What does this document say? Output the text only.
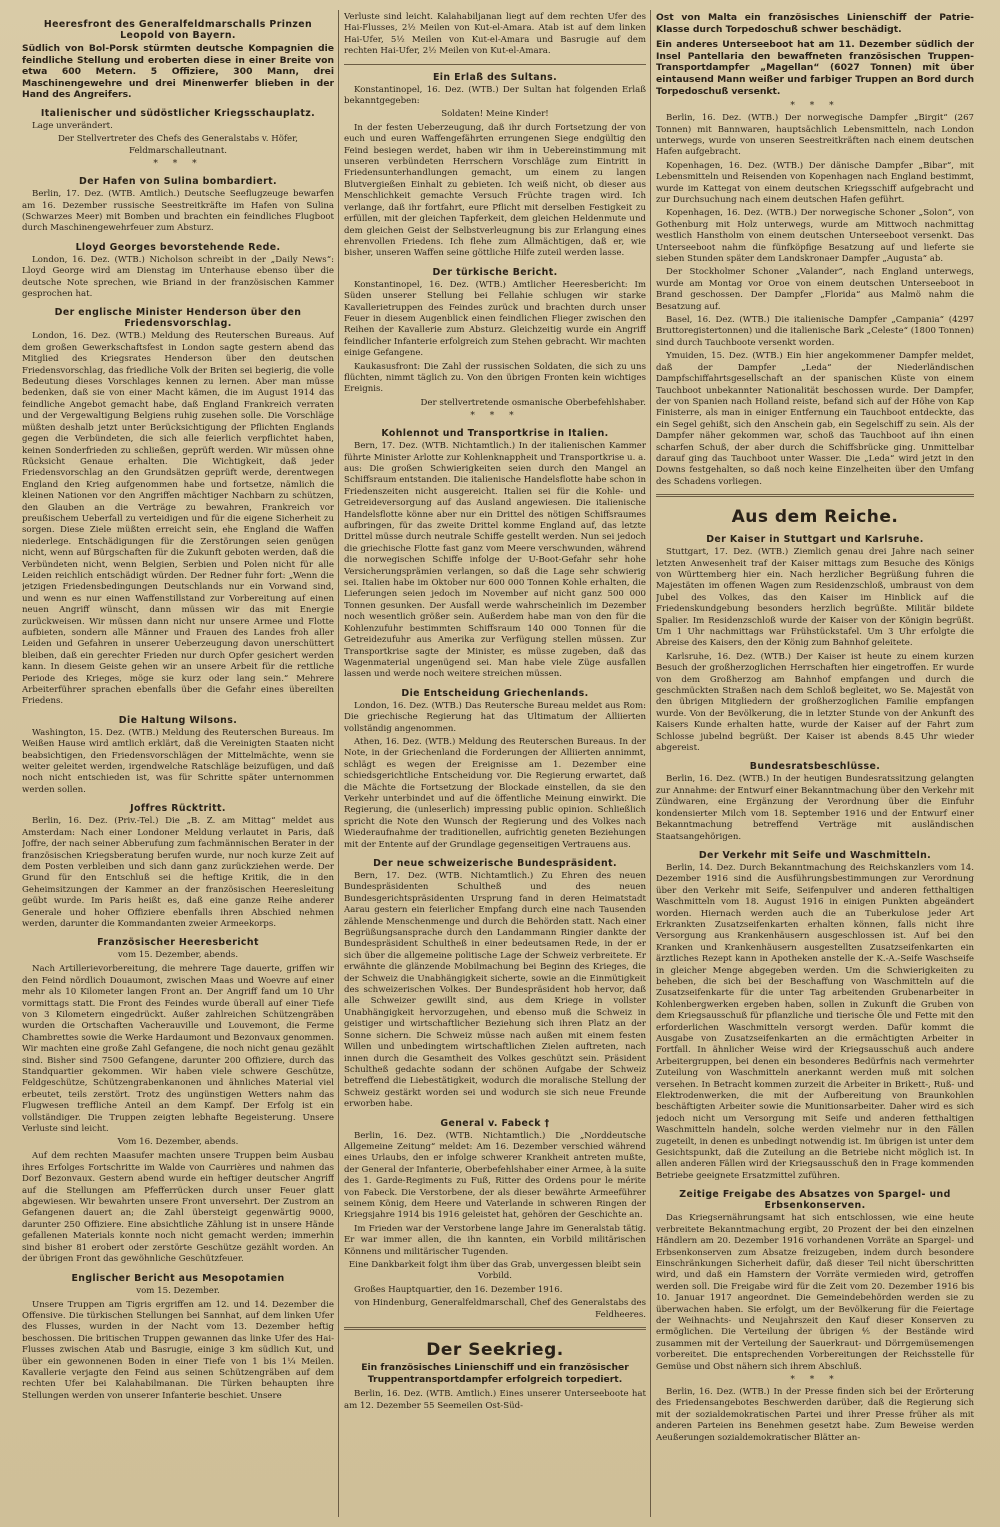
Heeresfront des Generalfeldmarschalls Prinzen Leopold von Bayern.
Südlich von Bol-Porsk stürmten deutsche Kompagnien die feindliche Stellung und eroberten diese in einer Breite von etwa 600 Metern. 5 Offiziere, 300 Mann, drei Maschinengewehre und drei Minenwerfer blieben in der Hand des Angreifers.
Italienischer und südöstlicher Kriegsschauplatz.

Lage unverändert.

Der Stellvertreter des Chefs des Generalstabs v. Höfer, Feldmarschalleutnant.

* * *
Der Hafen von Sulina bombardiert.

Berlin, 17. Dez. (WTB. Amtlich.) Deutsche Seeflugzeuge bewarfen am 16. Dezember russische Seestreitkräfte im Hafen von Sulina (Schwarzes Meer) mit Bomben und brachten ein feindliches Flugboot durch Maschinengewehrfeuer zum Absturz.

Lloyd Georges bevorstehende Rede.

London, 16. Dez. (WTB.) Nicholson schreibt in der „Daily News“: Lloyd George wird am Dienstag im Unterhause ebenso über die deutsche Note sprechen, wie Briand in der französischen Kammer gesprochen hat.

Der englische Minister Henderson über den Friedensvorschlag.

London, 16. Dez. (WTB.) Meldung des Reuterschen Bureaus. Auf dem großen Gewerkschaftsfest in London sagte gestern abend das Mitglied des Kriegsrates Henderson über den deutschen Friedensvorschlag, das friedliche Volk der Briten sei begierig, die volle Bedeutung dieses Vorschlages kennen zu lernen. Aber man müsse bedenken, daß sie von einer Macht kämen, die im August 1914 das feindliche Angebot gemacht habe, daß England Frankreich verraten und der Vergewaltigung Belgiens ruhig zusehen solle. Die Vorschläge müßten deshalb jetzt unter Berücksichtigung der Pflichten Englands gegen die Verbündeten, die sich alle feierlich verpflichtet haben, keinen Sonderfrieden zu schließen, geprüft werden. Wir müssen ohne Rücksicht Genaue erhalten. Die Wichtigkeit, daß jeder Friedensvorschlag an den Grundsätzen geprüft werde, derentwegen England den Krieg aufgenommen habe und fortsetze, nämlich die kleinen Nationen vor den Angriffen mächtiger Nachbarn zu schützen, den Glauben an die Verträge zu bewahren, Frankreich vor preußischem Ueberfall zu verteidigen und für die eigene Sicherheit zu sorgen. Diese Ziele müßten erreicht sein, ehe England die Waffen niederlege. Entschädigungen für die Zerstörungen seien genügen nicht, wenn auf Bürgschaften für die Zukunft geboten werden, daß die Verbündeten nicht, wenn Belgien, Serbien und Polen nicht für alle Leiden reichlich entschädigt würden. Der Redner fuhr fort: „Wenn die jetzigen Friedensbedingungen Deutschlands nur ein Vorwand sind, und wenn es nur einen Waffenstillstand zur Vorbereitung auf einen neuen Angriff wünscht, dann müssen wir das mit Energie zurückweisen. Wir müssen dann nicht nur unsere Armee und Flotte aufbieten, sondern alle Männer und Frauen des Landes froh aller Leiden und Gefahren in unserer Ueberzeugung davon unerschüttert bleiben, daß ein gerechter Frieden nur durch Opfer gesichert werden kann. In diesem Geiste gehen wir an unsere Arbeit für die rettliche Periode des Krieges, möge sie kurz oder lang sein.“ Mehrere Arbeiterführer sprachen ebenfalls über die Gefahr eines übereilten Friedens.

Die Haltung Wilsons.

Washington, 15. Dez. (WTB.) Meldung des Reuterschen Bureaus. Im Weißen Hause wird amtlich erklärt, daß die Vereinigten Staaten nicht beabsichtigen, den Friedensvorschlägen der Mittelmächte, wenn sie weiter geleitet werden, irgendwelche Ratschläge beizufügen, und daß noch nicht entschieden ist, was für Schritte später unternommen werden sollen.

Joffres Rücktritt.

Berlin, 16. Dez. (Priv.-Tel.) Die „B. Z. am Mittag“ meldet aus Amsterdam: Nach einer Londoner Meldung verlautet in Paris, daß Joffre, der nach seiner Abberufung zum fachmännischen Berater in der französischen Kriegsberatung berufen wurde, nur noch kurze Zeit auf dem Posten verbleiben und sich dann ganz zurückziehen werde. Der Grund für den Entschluß sei die heftige Kritik, die in den Geheimsitzungen der Kammer an der französischen Heeresleitung geübt wurde. Im Paris heißt es, daß eine ganze Reihe anderer Generale und hoher Offiziere ebenfalls ihren Abschied nehmen werden, darunter die Kommandanten zweier Armeekorps.

Französischer Heeresbericht
vom 15. Dezember, abends.

Nach Artillerievorbereitung, die mehrere Tage dauerte, griffen wir den Feind nördlich Douaumont, zwischen Maas und Woevre auf einer mehr als 10 Kilometer langen Front an. Der Angriff fand um 10 Uhr vormittags statt. Die Front des Feindes wurde überall auf einer Tiefe von 3 Kilometern eingedrückt. Außer zahlreichen Schützengräben wurden die Ortschaften Vacherauville und Louvemont, die Ferme Chambrettes sowie die Werke Hardaumont und Bezonvaux genommen. Wir machten eine große Zahl Gefangene, die noch nicht genau gezählt sind. Bisher sind 7500 Gefangene, darunter 200 Offiziere, durch das Standquartier gekommen. Wir haben viele schwere Geschütze, Feldgeschütze, Schützengrabenkanonen und ähnliches Material viel erbeutet, teils zerstört. Trotz des ungünstigen Wetters nahm das Flugwesen treffliche Anteil an dem Kampf. Der Erfolg ist ein vollständiger. Die Truppen zeigten lebhafte Begeisterung. Unsere Verluste sind leicht.

Vom 16. Dezember, abends.

Auf dem rechten Maasufer machten unsere Truppen beim Ausbau ihres Erfolges Fortschritte im Walde von Caurrières und nahmen das Dorf Bezonvaux. Gestern abend wurde ein heftiger deutscher Angriff auf die Stellungen am Pfefferrücken durch unser Feuer glatt abgewiesen. Wir bewahrten unsere Front unversehrt. Der Zustrom an Gefangenen dauert an; die Zahl übersteigt gegenwärtig 9000, darunter 250 Offiziere. Eine absichtliche Zählung ist in unsere Hände gefallenen Materials konnte noch nicht gemacht werden; immerhin sind bisher 81 erobert oder zerstörte Geschütze gezählt worden. An der übrigen Front das gewöhnliche Geschützfeuer.

Englischer Bericht aus Mesopotamien
vom 15. Dezember.

Unsere Truppen am Tigris ergriffen am 12. und 14. Dezember die Offensive. Die türkischen Stellungen bei Sannhat, auf dem linken Ufer des Flusses, wurden in der Nacht vom 13. Dezember heftig beschossen. Die britischen Truppen gewannen das linke Ufer des Hai-Flusses zwischen Atab und Basrugie, einige 3 km südlich Kut, und über ein gewonnenen Boden in einer Tiefe von 1 bis 1¼ Meilen. Kavallerie verjagte den Feind aus seinen Schützengräben auf dem rechten Ufer bei Kalahabilmanan. Die Türken behaupten ihre Stellungen werden von unserer Infanterie beschiet. Unsere

Verluste sind leicht. Kalahabiljanan liegt auf dem rechten Ufer des Hai-Flusses, 2½ Meilen von Kut-el-Amara. Atab ist auf dem linken Hai-Ufer, 5½ Meilen von Kut-el-Amara und Basrugie auf dem rechten Hai-Ufer, 2½ Meilen von Kut-el-Amara.

Ein Erlaß des Sultans.

Konstantinopel, 16. Dez. (WTB.) Der Sultan hat folgenden Erlaß bekanntgegeben:

Soldaten! Meine Kinder!

In der festen Ueberzeugung, daß ihr durch Fortsetzung der von euch und euren Waffengefährten errungenen Siege endgültig den Feind besiegen werdet, haben wir ihm in Uebereinstimmung mit unseren verbündeten Herrschern Vorschläge zum Eintritt in Friedensunterhandlungen gemacht, um einem zu langen Blutvergießen Einhalt zu gebieten. Ich weiß nicht, ob dieser aus Menschlichkeit gemachte Versuch Früchte tragen wird. Ich verlange, daß ihr fortfahrt, eure Pflicht mit derselben Festigkeit zu erfüllen, mit der gleichen Tapferkeit, dem gleichen Heldenmute und dem gleichen Geist der Selbstverleugnung bis zur Erlangung eines ehrenvollen Friedens. Ich flehe zum Allmächtigen, daß er, wie bisher, unseren Waffen seine göttliche Hilfe zuteil werden lasse.

Der türkische Bericht.

Konstantinopel, 16. Dez. (WTB.) Amtlicher Heeresbericht: Im Süden unserer Stellung bei Fellahie schlugen wir starke Kavallerietruppen des Feindes zurück und brachten durch unser Feuer in diesem Augenblick einen feindlichen Flieger zwischen den Reihen der Kavallerie zum Absturz. Gleichzeitig wurde ein Angriff feindlicher Infanterie erfolgreich zum Stehen gebracht. Wir machten einige Gefangene.

Kaukasusfront: Die Zahl der russischen Soldaten, die sich zu uns flüchten, nimmt täglich zu. Von den übrigen Fronten kein wichtiges Ereignis.

Der stellvertretende osmanische Oberbefehlshaber.

* * *
Kohlennot und Transportkrise in Italien.

Bern, 17. Dez. (WTB. Nichtamtlich.) In der italienischen Kammer führte Minister Arlotte zur Kohlenknappheit und Transportkrise u. a. aus: Die großen Schwierigkeiten seien durch den Mangel an Schiffsraum entstanden. Die italienische Handelsflotte habe schon in Friedenszeiten nicht ausgereicht. Italien sei für die Kohle- und Getreideversorgung auf das Ausland angewiesen. Die italienische Handelsflotte könne aber nur ein Drittel des nötigen Schiffsraumes aufbringen, für das zweite Drittel komme England auf, das letzte Drittel müsse durch neutrale Schiffe gestellt werden. Nun sei jedoch die griechische Flotte fast ganz vom Meere verschwunden, während die norwegischen Schiffe infolge der U-Boot-Gefahr sehr hohe Versicherungsprämien verlangen, so daß die Lage sehr schwierig sei. Italien habe im Oktober nur 600 000 Tonnen Kohle erhalten, die Lieferungen seien jedoch im November auf nicht ganz 500 000 Tonnen gesunken. Der Ausfall werde wahrscheinlich im Dezember noch wesentlich größer sein. Außerdem habe man von den für die Kohlenzufuhr bestimmten Schiffsraum 140 000 Tonnen für die Getreidezufuhr aus Amerika zur Verfügung stellen müssen. Zur Transportkrise sagte der Minister, es müsse zugeben, daß das Wagenmaterial ungenügend sei. Man habe viele Züge ausfallen lassen und werde noch weitere streichen müssen.

Die Entscheidung Griechenlands.

London, 16. Dez. (WTB.) Das Reutersche Bureau meldet aus Rom: Die griechische Regierung hat das Ultimatum der Alliierten vollständig angenommen.

Athen, 16. Dez. (WTB.) Meldung des Reuterschen Bureaus. In der Note, in der Griechenland die Forderungen der Alliierten annimmt, schlägt es wegen der Ereignisse am 1. Dezember eine schiedsgerichtliche Entscheidung vor. Die Regierung erwartet, daß die Mächte die Fortsetzung der Blockade einstellen, da sie den Verkehr unterbindet und auf die öffentliche Meinung einwirkt. Die Regierung, die (unleserlich) impressing public opinion. Schließlich spricht die Note den Wunsch der Regierung und des Volkes nach Wiederaufnahme der traditionellen, aufrichtig geneten Beziehungen mit der Entente auf der Grundlage gegenseitigen Vertrauens aus.

Der neue schweizerische Bundespräsident.

Bern, 17. Dez. (WTB. Nichtamtlich.) Zu Ehren des neuen Bundespräsidenten Schultheß und des neuen Bundesgerichtspräsidenten Ursprung fand in deren Heimatstadt Aarau gestern ein feierlicher Empfang durch eine nach Tausenden zählende Menschenmenge und durch die Behörden statt. Nach einer Begrüßungsansprache durch den Landammann Ringier dankte der Bundespräsident Schultheß in einer bedeutsamen Rede, in der er sich über die allgemeine politische Lage der Schweiz verbreitete. Er erwähnte die glänzende Mobilmachung bei Beginn des Krieges, die der Schweiz die Unabhängigkeit sicherte, sowie an die Einmütigkeit des schweizerischen Volkes. Der Bundespräsident hob hervor, daß alle Schweizer gewillt sind, aus dem Kriege in vollster Unabhängigkeit hervorzugehen, und ebenso muß die Schweiz in geistiger und wirtschaftlicher Beziehung sich ihren Platz an der Sonne sichern. Die Schweiz müsse nach außen mit einem festen Willen und unbedingtem wirtschaftlichen Zielen auftreten, nach innen durch die Gesamtheit des Volkes geschützt sein. Präsident Schultheß gedachte sodann der schönen Aufgabe der Schweiz betreffend die Liebestätigkeit, wodurch die moralische Stellung der Schweiz gestärkt worden sei und wodurch sie sich neue Freunde erworben habe.

General v. Fabeck †

Berlin, 16. Dez. (WTB. Nichtamtlich.) Die „Norddeutsche Allgemeine Zeitung“ meldet: Am 16. Dezember verschied während eines Urlaubs, den er infolge schwerer Krankheit antreten mußte, der General der Infanterie, Oberbefehlshaber einer Armee, à la suite des 1. Garde-Regiments zu Fuß, Ritter des Ordens pour le mérite von Fabeck. Die Verstorbene, der als dieser bewährte Armeeführer seinem König, dem Heere und Vaterlande in schweren Ringen der Kriegsjahre 1914 bis 1916 geleistet hat, gehören der Geschichte an.

Im Frieden war der Verstorbene lange Jahre im Generalstab tätig. Er war immer allen, die ihn kannten, ein Vorbild militärischen Könnens und militärischer Tugenden.

Eine Dankbarkeit folgt ihm über das Grab, unvergessen bleibt sein Vorbild.

Großes Hauptquartier, den 16. Dezember 1916.

von Hindenburg, Generalfeldmarschall, Chef des Generalstabs des Feldheeres.

Der Seekrieg.
Ein französisches Linienschiff und ein französischer Truppentransportdampfer erfolgreich torpediert.

Berlin, 16. Dez. (WTB. Amtlich.) Eines unserer Unterseeboote hat am 12. Dezember 55 Seemeilen Ost-Süd-

Ost von Malta ein französisches Linienschiff der Patrie-Klasse durch Torpedoschuß schwer beschädigt.
Ein anderes Unterseeboot hat am 11. Dezember südlich der Insel Pantellaria den bewaffneten französischen Truppen-Transportdampfer „Magellan“ (6027 Tonnen) mit über eintausend Mann weißer und farbiger Truppen an Bord durch Torpedoschuß versenkt.
* * *

Berlin, 16. Dez. (WTB.) Der norwegische Dampfer „Birgit“ (267 Tonnen) mit Bannwaren, hauptsächlich Lebensmitteln, nach London unterwegs, wurde von unseren Seestreitkräften nach einem deutschen Hafen aufgebracht.

Kopenhagen, 16. Dez. (WTB.) Der dänische Dampfer „Bibar“, mit Lebensmitteln und Reisenden von Kopenhagen nach England bestimmt, wurde im Kattegat von einem deutschen Kriegsschiff aufgebracht und zur Durchsuchung nach einem deutschen Hafen geführt.

Kopenhagen, 16. Dez. (WTB.) Der norwegische Schoner „Solon“, von Gothenburg mit Holz unterwegs, wurde am Mittwoch nachmittag westlich Hanstholm von einem deutschen Unterseeboot versenkt. Das Unterseeboot nahm die fünfköpfige Besatzung auf und lieferte sie sieben Stunden später dem Landskronaer Dampfer „Augusta“ ab.

Der Stockholmer Schoner „Valander“, nach England unterwegs, wurde am Montag vor Oroe von einem deutschen Unterseeboot in Brand geschossen. Der Dampfer „Florida“ aus Malmö nahm die Besatzung auf.

Basel, 16. Dez. (WTB.) Die italienische Dampfer „Campania“ (4297 Bruttoregistertonnen) und die italienische Bark „Celeste“ (1800 Tonnen) sind durch Tauchboote versenkt worden.

Ymuiden, 15. Dez. (WTB.) Ein hier angekommener Dampfer meldet, daß der Dampfer „Leda“ der Niederländischen Dampfschiffahrtsgesellschaft an der spanischen Küste von einem Tauchboot unbekannter Nationalität beschossen wurde. Der Dampfer, der von Spanien nach Holland reiste, befand sich auf der Höhe von Kap Finisterre, als man in einiger Entfernung ein Tauchboot entdeckte, das ein Segel gehißt, sich den Anschein gab, ein Segelschiff zu sein. Als der Dampfer näher gekommen war, schoß das Tauchboot auf ihn einen scharfen Schuß, der aber durch die Schiffsbrücke ging. Unmittelbar darauf ging das Tauchboot unter Wasser. Die „Leda“ wird jetzt in den Downs festgehalten, so daß noch keine Einzelheiten über den Umfang des Schadens vorliegen.

Aus dem Reiche.
Der Kaiser in Stuttgart und Karlsruhe.

Stuttgart, 17. Dez. (WTB.) Ziemlich genau drei Jahre nach seiner letzten Anwesenheit traf der Kaiser mittags zum Besuche des Königs von Württemberg hier ein. Nach herzlicher Begrüßung fuhren die Majestäten im offenen Wagen zum Residenzschloß, umbraust von dem Jubel des Volkes, das den Kaiser im Hinblick auf die Friedenskundgebung besonders herzlich begrüßte. Militär bildete Spalier. Im Residenzschloß wurde der Kaiser von der Königin begrüßt. Um 1 Uhr nachmittags war Frühstückstafel. Um 3 Uhr erfolgte die Abreise des Kaisers, den der König zum Bahnhof geleitete.

Karlsruhe, 16. Dez. (WTB.) Der Kaiser ist heute zu einem kurzen Besuch der großherzoglichen Herrschaften hier eingetroffen. Er wurde von dem Großherzog am Bahnhof empfangen und durch die geschmückten Straßen nach dem Schloß begleitet, wo Se. Majestät von den übrigen Mitgliedern der großherzoglichen Familie empfangen wurde. Von der Bevölkerung, die in letzter Stunde von der Ankunft des Kaisers Kunde erhalten hatte, wurde der Kaiser auf der Fahrt zum Schlosse jubelnd begrüßt. Der Kaiser ist abends 8.45 Uhr wieder abgereist.

Bundesratsbeschlüsse.

Berlin, 16. Dez. (WTB.) In der heutigen Bundesratssitzung gelangten zur Annahme: der Entwurf einer Bekanntmachung über den Verkehr mit Zündwaren, eine Ergänzung der Verordnung über die Einfuhr kondensierter Milch vom 18. September 1916 und der Entwurf einer Bekanntmachung betreffend Verträge mit ausländischen Staatsangehörigen.

Der Verkehr mit Seife und Waschmitteln.

Berlin, 14. Dez. Durch Bekanntmachung des Reichskanzlers vom 14. Dezember 1916 sind die Ausführungsbestimmungen zur Verordnung über den Verkehr mit Seife, Seifenpulver und anderen fetthaltigen Waschmitteln vom 18. August 1916 in einigen Punkten abgeändert worden. Hiernach werden auch die an Tuberkulose jeder Art Erkrankten Zusatzseifenkarten erhalten können, falls nicht ihre Versorgung aus Krankenhäusern ausgeschlossen ist. Auf bei den Kranken und Krankenhäusern ausgestellten Zusatzseifenkarten ein ärztliches Rezept kann in Apotheken anstelle der K.-A.-Seife Waschseife in gleicher Menge abgegeben werden. Um die Schwierigkeiten zu beheben, die sich bei der Beschaffung von Waschmitteln auf die Zusatzseifenkarte für die unter Tag arbeitenden Grubenarbeiter in Kohlenbergwerken ergeben haben, sollen in Zukunft die Gruben von dem Kriegsausschuß für pflanzliche und tierische Öle und Fette mit den erforderlichen Waschmitteln versorgt werden. Dafür kommt die Ausgabe von Zusatzseifenkarten an die ermächtigten Arbeiter in Fortfall. In ähnlicher Weise wird der Kriegsausschuß auch andere Arbeitergruppen, bei denen ein besonderes Bedürfnis nach vermehrter Zuteilung von Waschmitteln anerkannt werden muß mit solchen versehen. In Betracht kommen zurzeit die Arbeiter in Brikett-, Ruß- und Elektrodenwerken, die mit der Aufbereitung von Braunkohlen beschäftigten Arbeiter sowie die Munitionsarbeiter. Daher wird es sich jedoch nicht um Versorgung mit Seife und anderen fetthaltigen Waschmitteln handeln, solche werden vielmehr nur in den Fällen zugeteilt, in denen es unbedingt notwendig ist. Im übrigen ist unter dem Gesichtspunkt, daß die Zuteilung an die Betriebe nicht möglich ist. In allen anderen Fällen wird der Kriegsausschuß den in Frage kommenden Betriebe geeignete Ersatzmittel zuführen.

Zeitige Freigabe des Absatzes von Spargel- und Erbsenkonserven.

Das Kriegsernährungsamt hat sich entschlossen, wie eine heute verbreitete Bekanntmachung ergibt, 20 Prozent der bei den einzelnen Händlern am 20. Dezember 1916 vorhandenen Vorräte an Spargel- und Erbsenkonserven zum Absatze freizugeben, indem durch besondere Einschränkungen Sicherheit dafür, daß dieser Teil nicht überschritten wird, und daß ein Hamstern der Vorräte vermieden wird, getroffen werden soll. Die Freigabe wird für die Zeit vom 20. Dezember 1916 bis 10. Januar 1917 angeordnet. Die Gemeindebehörden werden sie zu überwachen haben. Sie erfolgt, um der Bevölkerung für die Feiertage der Weihnachts- und Neujahrszeit den Kauf dieser Konserven zu ermöglichen. Die Verteilung der übrigen ⅘ der Bestände wird zusammen mit der Verteilung der Sauerkraut- und Dörrgemüsemengen vorbereitet. Die entsprechenden Vorbereitungen der Reichsstelle für Gemüse und Obst nähern sich ihrem Abschluß.

* * *

Berlin, 16. Dez. (WTB.) In der Presse finden sich bei der Erörterung des Friedensangebotes Beschwerden darüber, daß die Regierung sich mit der sozialdemokratischen Partei und ihrer Presse früher als mit anderen Parteien ins Benehmen gesetzt habe. Zum Beweise werden Aeußerungen sozialdemokratischer Blätter an-
